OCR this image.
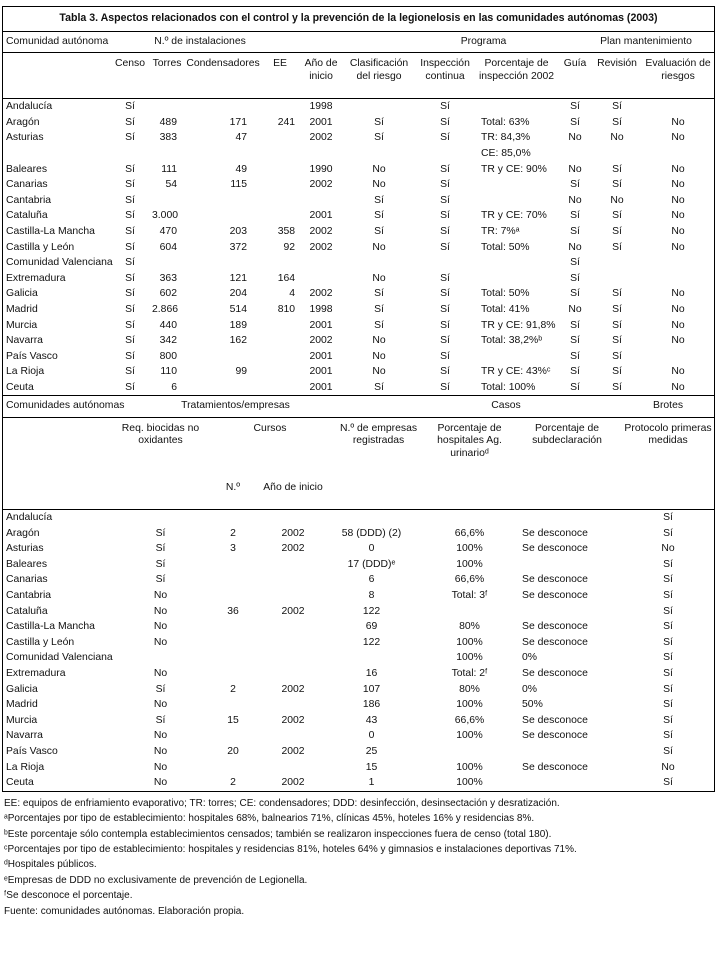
Tabla 3. Aspectos relacionados con el control y la prevención de la legionelosis en las comunidades autónomas (2003)
Comunidad autónoma	N.º de instalaciones				Programa				Plan mantenimiento		
	Censo	Torres	Condensadores	EE	Año de inicio	Clasificación del riesgo	Inspección continua	Porcentaje de inspección 2002	Guía	Revisión	Evaluación de riesgos
Andalucía	Sí				1998		Sí		Sí	Sí	
Aragón	Sí	489	171	241	2001	Sí	Sí	Total: 63%	Sí	Sí	No
Asturias	Sí	383	47		2002	Sí	Sí	TR: 84,3%	No	No	No
								CE: 85,0%			
Baleares	Sí	111	49		1990	No	Sí	TR y CE: 90%	No	Sí	No
Canarias	Sí	54	115		2002	No	Sí		Sí	Sí	No
Cantabria	Sí					Sí	Sí		No	No	No
Cataluña	Sí	3.000			2001	Sí	Sí	TR y CE: 70%	Sí	Sí	No
Castilla-La Mancha	Sí	470	203	358	2002	Sí	Sí	TR: 7%ᵃ	Sí	Sí	No
Castilla y León	Sí	604	372	92	2002	No	Sí	Total: 50%	No	Sí	No
Comunidad Valenciana	Sí								Sí		
Extremadura	Sí	363	121	164		No	Sí		Sí		
Galicia	Sí	602	204	4	2002	Sí	Sí	Total: 50%	Sí	Sí	No
Madrid	Sí	2.866	514	810	1998	Sí	Sí	Total: 41%	No	Sí	No
Murcia	Sí	440	189		2001	Sí	Sí	TR y CE: 91,8%	Sí	Sí	No
Navarra	Sí	342	162		2002	No	Sí	Total: 38,2%ᵇ	Sí	Sí	No
País Vasco	Sí	800			2001	No	Sí		Sí	Sí	
La Rioja	Sí	110	99		2001	No	Sí	TR y CE: 43%ᶜ	Sí	Sí	No
Ceuta	Sí	6			2001	Sí	Sí	Total: 100%	Sí	Sí	No
Comunidades autónomas	Tratamientos/empresas			Casos			Brotes
	Req. biocidas no oxidantes	Cursos		N.º de empresas registradas	Porcentaje de hospitales Ag. urinarioᵈ	Porcentaje de subdeclaración	Protocolo primeras medidas
		N.º	Año de inicio				
Andalucía							Sí
Aragón	Sí	2	2002	58 (DDD) (2)	66,6%	Se desconoce	Sí
Asturias	Sí	3	2002	0	100%	Se desconoce	No
Baleares	Sí			17 (DDD)ᵉ	100%		Sí
Canarias	Sí			6	66,6%	Se desconoce	Sí
Cantabria	No			8	Total: 3ᶠ	Se desconoce	Sí
Cataluña	No	36	2002	122			Sí
Castilla-La Mancha	No			69	80%	Se desconoce	Sí
Castilla y León	No			122	100%	Se desconoce	Sí
Comunidad Valenciana					100%	0%	Sí
Extremadura	No			16	Total: 2ᶠ	Se desconoce	Sí
Galicia	Sí	2	2002	107	80%	0%	Sí
Madrid	No			186	100%	50%	Sí
Murcia	Sí	15	2002	43	66,6%	Se desconoce	Sí
Navarra	No			0	100%	Se desconoce	Sí
País Vasco	No	20	2002	25			Sí
La Rioja	No			15	100%	Se desconoce	No
Ceuta	No	2	2002	1	100%		Sí
EE: equipos de enfriamiento evaporativo; TR: torres; CE: condensadores; DDD: desinfección, desinsectación y desratización.
ᵃPorcentajes por tipo de establecimiento: hospitales 68%, balnearios 71%, clínicas 45%, hoteles 16% y residencias 8%.
ᵇEste porcentaje sólo contempla establecimientos censados; también se realizaron inspecciones fuera de censo (total 180).
ᶜPorcentajes por tipo de establecimiento: hospitales y residencias 81%, hoteles 64% y gimnasios e instalaciones deportivas 71%.
ᵈHospitales públicos.
ᵉEmpresas de DDD no exclusivamente de prevención de Legionella.
ᶠSe desconoce el porcentaje.
Fuente: comunidades autónomas. Elaboración propia.
